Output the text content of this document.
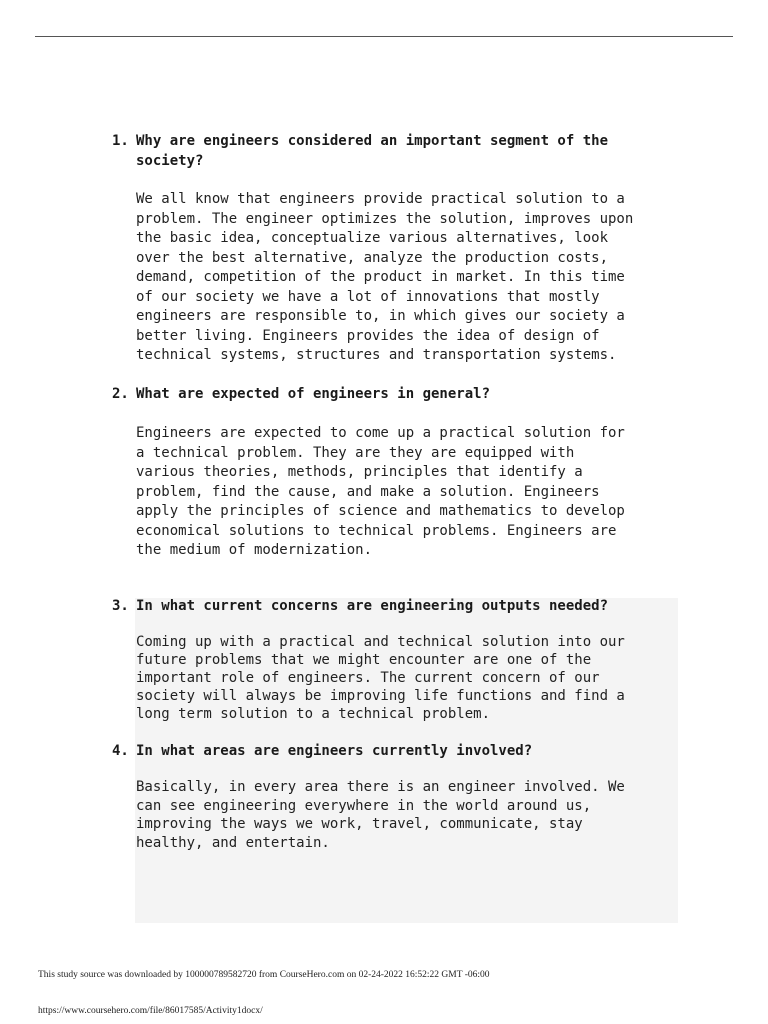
1. Why are engineers considered an important segment of the
society?
We all know that engineers provide practical solution to a
problem. The engineer optimizes the solution, improves upon
the basic idea, conceptualize various alternatives, look
over the best alternative, analyze the production costs,
demand, competition of the product in market. In this time
of our society we have a lot of innovations that mostly
engineers are responsible to, in which gives our society a
better living. Engineers provides the idea of design of
technical systems, structures and transportation systems.
2. What are expected of engineers in general?
Engineers are expected to come up a practical solution for
a technical problem. They are they are equipped with
various theories, methods, principles that identify a
problem, find the cause, and make a solution. Engineers
apply the principles of science and mathematics to develop
economical solutions to technical problems. Engineers are
the medium of modernization.
3. In what current concerns are engineering outputs needed?
Coming up with a practical and technical solution into our
future problems that we might encounter are one of the
important role of engineers. The current concern of our
society will always be improving life functions and find a
long term solution to a technical problem.
4. In what areas are engineers currently involved?
Basically, in every area there is an engineer involved. We
can see engineering everywhere in the world around us,
improving the ways we work, travel, communicate, stay
healthy, and entertain.
This study source was downloaded by 100000789582720 from CourseHero.com on 02-24-2022 16:52:22 GMT -06:00
https://www.coursehero.com/file/86017585/Activity1docx/
